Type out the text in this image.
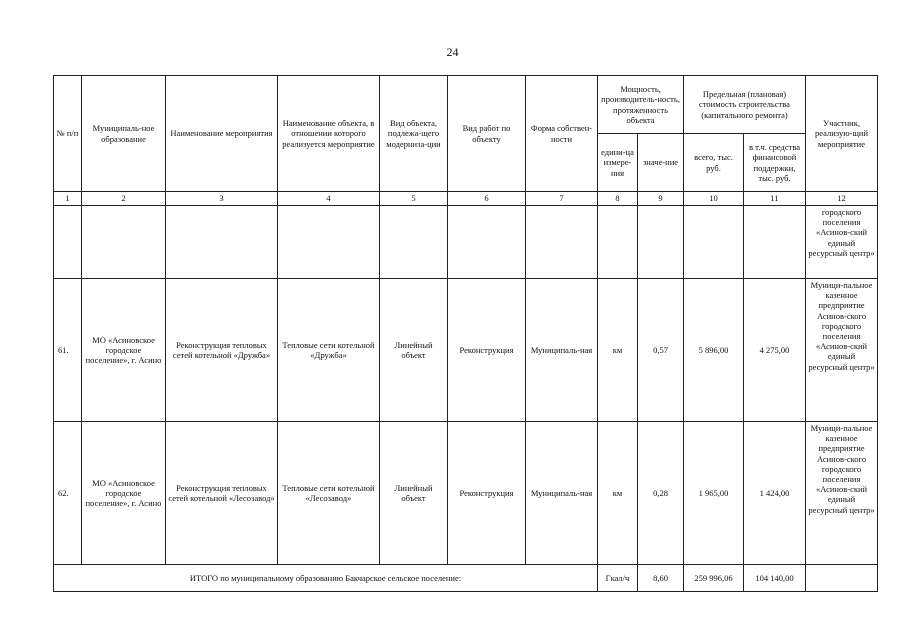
24
№ п/п	Муниципаль-ное образование	Наименование мероприятия	Наименование объекта, в отношении которого реализуется мероприятие	Вид объекта, подлежа-щего модерниза-ции	Вид работ по объекту	Форма собствен-ности	Мощность, производитель-ность, протяженность объекта		Предельная (плановая) стоимость строительства (капитального ремонта)		Участник, реализую-щий мероприятие
							едини-ца измере-ния	значе-ние	всего, тыс. руб.	в т.ч. средства финансовой поддержки, тыс. руб.	
1	2	3	4	5	6	7	8	9	10	11	12
											городского поселения «Асинов-ский единый ресурсный центр»
61.	МО «Асиновское городское поселение», г. Асино	Реконструкция тепловых сетей котельной «Дружба»	Тепловые сети котельной «Дружба»	Линейный объект	Реконструкция	Муниципаль-ная	км	0,57	5 896,00	4 275,00	Муници-пальное казенное предприятие Асинов-ского городского поселения «Асинов-ский единый ресурсный центр»
62.	МО «Асиновское городское поселение», г. Асино	Реконструкция тепловых сетей котельной «Лесозавод»	Тепловые сети котельной «Лесозавод»	Линейный объект	Реконструкция	Муниципаль-ная	км	0,28	1 965,00	1 424,00	Муници-пальное казенное предприятие Асинов-ского городского поселения «Асинов-ский единый ресурсный центр»
ИТОГО по муниципальному образованию Бакчарское сельское поселение:							Гкал/ч	8,60	259 996,06	104 140,00	
